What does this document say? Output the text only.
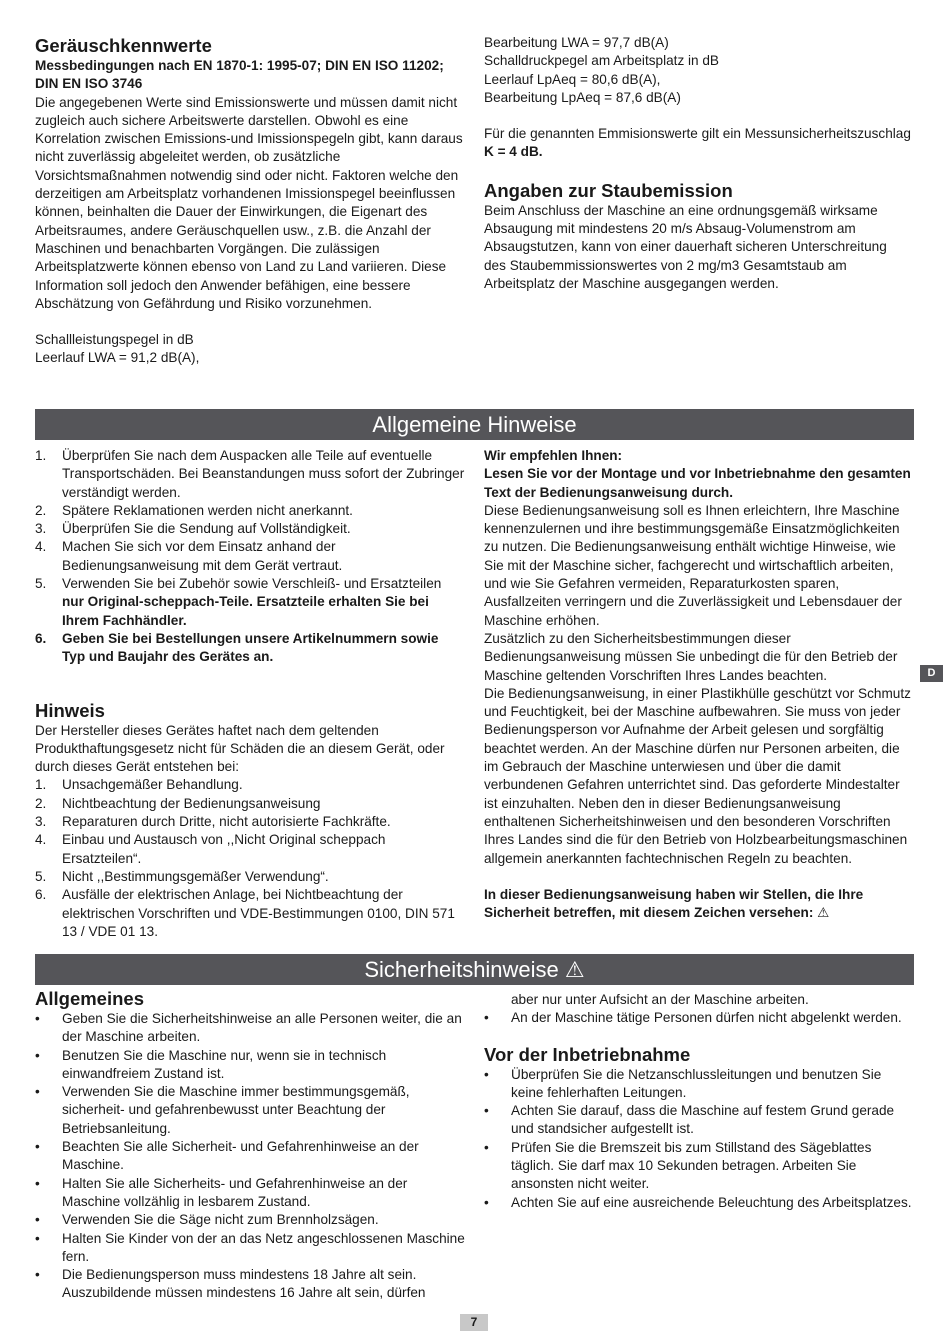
Geräuschkennwerte

Messbedingungen nach EN 1870-1: 1995-07; DIN EN ISO 11202; DIN EN ISO 3746

Die angegebenen Werte sind Emissionswerte und müssen damit nicht zugleich auch sichere Arbeitswerte darstellen. Obwohl es eine Korrelation zwischen Emissions-und Imissionspegeln gibt, kann daraus nicht zuverlässig abgeleitet werden, ob zusätzliche Vorsichtsmaßnahmen notwendig sind oder nicht. Faktoren welche den derzeitigen am Arbeitsplatz vorhandenen Imissionspegel beeinflussen können, beinhalten die Dauer der Einwirkungen, die Eigenart des Arbeitsraumes, andere Geräuschquellen usw., z.B. die Anzahl der Maschinen und benachbarten Vorgängen. Die zulässigen Arbeitsplatzwerte können ebenso von Land zu Land variieren. Diese Information soll jedoch den Anwender befähigen, eine bessere Abschätzung von Gefährdung und Risiko vorzunehmen.

Schallleistungspegel in dB

Leerlauf LWA = 91,2 dB(A),

Bearbeitung LWA = 97,7 dB(A)

Schalldruckpegel am Arbeitsplatz in dB

Leerlauf LpAeq = 80,6 dB(A),

Bearbeitung LpAeq = 87,6 dB(A)

Für die genannten Emmisionswerte gilt ein Messunsicherheitszuschlag

K = 4 dB.

Angaben zur Staubemission

Beim Anschluss der Maschine an eine ordnungsgemäß wirksame Absaugung mit mindestens 20 m/s Absaug-Volumenstrom am Absaugstutzen, kann von einer dauerhaft sicheren Unterschreitung des Staubemmissionswertes von 2 mg/m3 Gesamtstaub am Arbeitsplatz der Maschine ausgegangen werden.

Allgemeine Hinweise
1. Überprüfen Sie nach dem Auspacken alle Teile auf eventuelle Transportschäden. Bei Beanstandungen muss sofort der Zubringer verständigt werden.
2. Spätere Reklamationen werden nicht anerkannt.
3. Überprüfen Sie die Sendung auf Vollständigkeit.
4. Machen Sie sich vor dem Einsatz anhand der Bedienungsanweisung mit dem Gerät vertraut.
5. Verwenden Sie bei Zubehör sowie Verschleiß- und Ersatzteilen nur Original-scheppach-Teile. Ersatzteile erhalten Sie bei Ihrem Fachhändler.
6. Geben Sie bei Bestellungen unsere Artikelnummern sowie Typ und Baujahr des Gerätes an.
Hinweis

Der Hersteller dieses Gerätes haftet nach dem geltenden Produkthaftungsgesetz nicht für Schäden die an diesem Gerät, oder durch dieses Gerät entstehen bei:

1. Unsachgemäßer Behandlung.
2. Nichtbeachtung der Bedienungsanweisung
3. Reparaturen durch Dritte, nicht autorisierte Fachkräfte.
4. Einbau und Austausch von ,,Nicht Original scheppach Ersatzteilen“.
5. Nicht ,,Bestimmungsgemäßer Verwendung“.
6. Ausfälle der elektrischen Anlage, bei Nichtbeachtung der elektrischen Vorschriften und VDE-Bestimmungen 0100, DIN 571 13 / VDE 01 13.

Wir empfehlen Ihnen:

Lesen Sie vor der Montage und vor Inbetriebnahme den gesamten Text der Bedienungsanweisung durch.

Diese Bedienungsanweisung soll es Ihnen erleichtern, Ihre Maschine kennenzulernen und ihre bestimmungsgemäße Einsatzmöglichkeiten zu nutzen. Die Bedienungsanweisung enthält wichtige Hinweise, wie Sie mit der Maschine sicher, fachgerecht und wirtschaftlich arbeiten, und wie Sie Gefahren vermeiden, Reparaturkosten sparen, Ausfallzeiten verringern und die Zuverlässigkeit und Lebensdauer der Maschine erhöhen.

Zusätzlich zu den Sicherheitsbestimmungen dieser Bedienungsanweisung müssen Sie unbedingt die für den Betrieb der Maschine geltenden Vorschriften Ihres Landes beachten.

Die Bedienungsanweisung, in einer Plastikhülle geschützt vor Schmutz und Feuchtigkeit, bei der Maschine aufbewahren. Sie muss von jeder Bedienungsperson vor Aufnahme der Arbeit gelesen und sorgfältig beachtet werden. An der Maschine dürfen nur Personen arbeiten, die im Gebrauch der Maschine unterwiesen und über die damit verbundenen Gefahren unterrichtet sind. Das geforderte Mindestalter ist einzuhalten. Neben den in dieser Bedienungsanweisung enthaltenen Sicherheitshinweisen und den besonderen Vorschriften Ihres Landes sind die für den Betrieb von Holzbearbeitungsmaschinen allgemein anerkannten fachtechnischen Regeln zu beachten.

In dieser Bedienungsanweisung haben wir Stellen, die Ihre Sicherheit betreffen, mit diesem Zeichen versehen: ⚠

Sicherheitshinweise ⚠
Allgemeines
• Geben Sie die Sicherheitshinweise an alle Personen weiter, die an der Maschine arbeiten.
• Benutzen Sie die Maschine nur, wenn sie in technisch einwandfreiem Zustand ist.
• Verwenden Sie die Maschine immer bestimmungsgemäß, sicherheit- und gefahrenbewusst unter Beachtung der Betriebsanleitung.
• Beachten Sie alle Sicherheit- und Gefahrenhinweise an der Maschine.
• Halten Sie alle Sicherheits- und Gefahrenhinweise an der Maschine vollzählig in lesbarem Zustand.
• Verwenden Sie die Säge nicht zum Brennholzsägen.
• Halten Sie Kinder von der an das Netz angeschlossenen Maschine fern.
• Die Bedienungsperson muss mindestens 18 Jahre alt sein. Auszubildende müssen mindestens 16 Jahre alt sein, dürfen
aber nur unter Aufsicht an der Maschine arbeiten.
• An der Maschine tätige Personen dürfen nicht abgelenkt werden.
Vor der Inbetriebnahme
• Überprüfen Sie die Netzanschlussleitungen und benutzen Sie keine fehlerhaften Leitungen.
• Achten Sie darauf, dass die Maschine auf festem Grund gerade und standsicher aufgestellt ist.
• Prüfen Sie die Bremszeit bis zum Stillstand des Sägeblattes täglich. Sie darf max 10 Sekunden betragen. Arbeiten Sie ansonsten nicht weiter.
• Achten Sie auf eine ausreichende Beleuchtung des Arbeitsplatzes.
D
7
